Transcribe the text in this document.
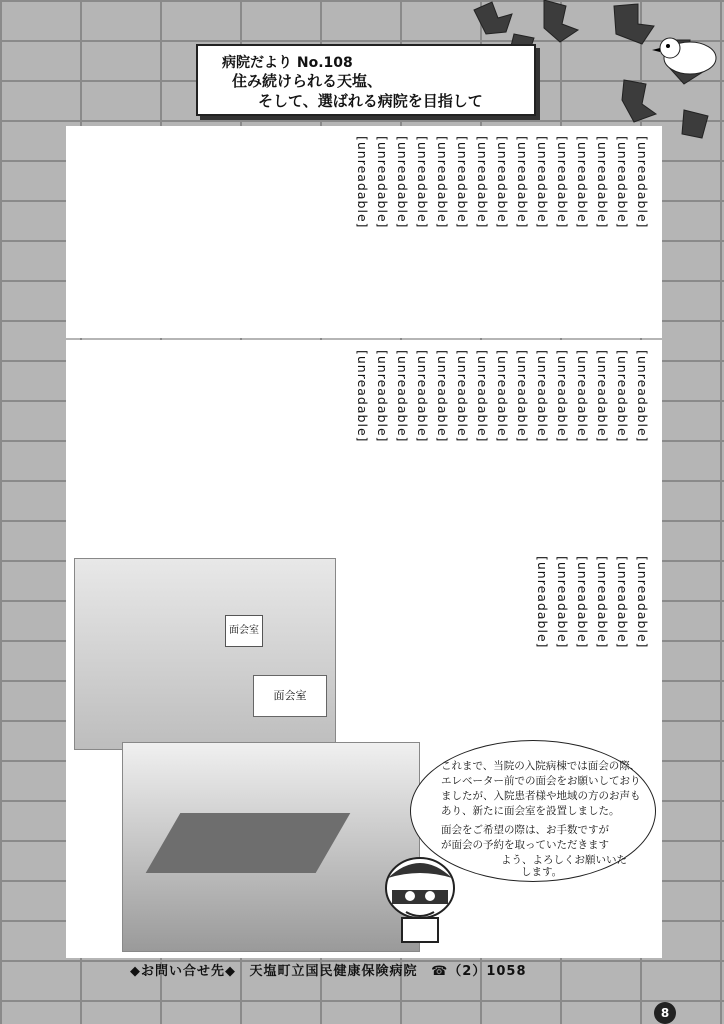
病院だより No.108
住み続けられる天塩、
そして、選ばれる病院を目指して
[unreadable]
[unreadable]
[unreadable]
[unreadable]
[unreadable]
[unreadable]
[unreadable]
[unreadable]
[unreadable]
[unreadable]
[unreadable]
[unreadable]
[unreadable]
[unreadable]
[unreadable]
[unreadable]
[unreadable]
[unreadable]
[unreadable]
[unreadable]
[unreadable]
[unreadable]
[unreadable]
[unreadable]
[unreadable]
[unreadable]
[unreadable]
[unreadable]
[unreadable]
[unreadable]
[unreadable]
[unreadable]
[unreadable]
[unreadable]
[unreadable]
[unreadable]
面会室
面会室
これまで、当院の入院病棟では面会の際、
エレベーター前での面会をお願いしており
ましたが、入院患者様や地域の方のお声も
あり、新たに面会室を設置しました。
面会をご希望の際は、お手数ですが
が面会の予約を取っていただきます
よう、よろしくお願いいた
します。
◆お問い合せ先◆ 天塩町立国民健康保険病院 ☎（2）1058
8
